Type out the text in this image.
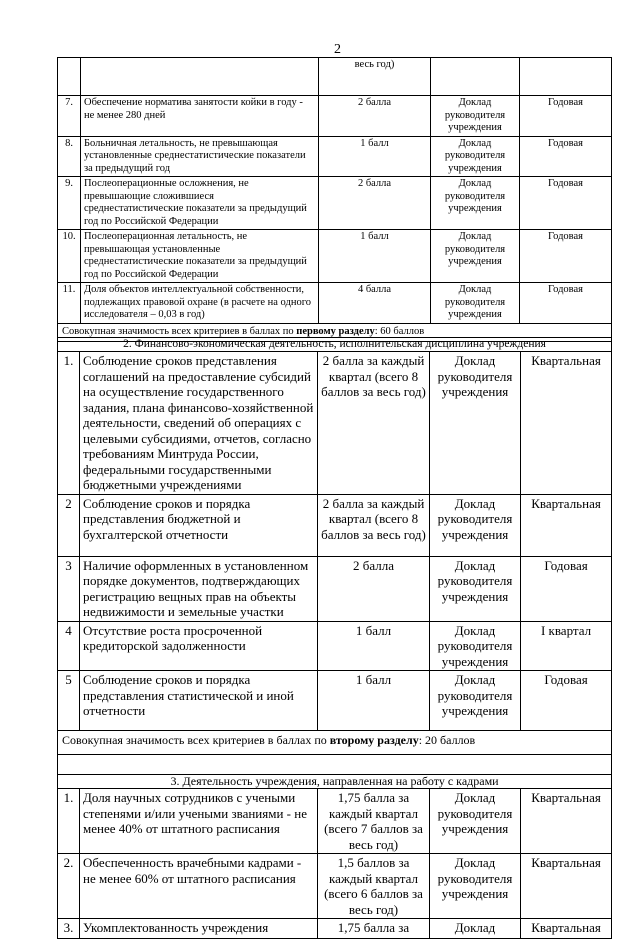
2
		весь год)		
7.	Обеспечение норматива занятости койки в году - не менее 280 дней	2 балла	Доклад руководителя учреждения	Годовая
8.	Больничная летальность, не превышающая установленные среднестатистические показатели за предыдущий год	1 балл	Доклад руководителя учреждения	Годовая
9.	Послеоперационные осложнения, не превышающие сложившиеся среднестатистические показатели за предыдущий год по Российской Федерации	2 балла	Доклад руководителя учреждения	Годовая
10.	Послеоперационная летальность, не превышающая установленные среднестатистические показатели за предыдущий год по Российской Федерации	1 балл	Доклад руководителя учреждения	Годовая
11.	Доля объектов интеллектуальной собственности, подлежащих правовой охране (в расчете на одного исследователя – 0,03 в год)	4 балла	Доклад руководителя учреждения	Годовая
Совокупная значимость всех критериев в баллах по первому разделу: 60 баллов				
2. Финансово-экономическая деятельность, исполнительская дисциплина учреждения				
1.	Соблюдение сроков представления соглашений на предоставление субсидий на осуществление государственного задания, плана финансово-хозяйственной деятельности, сведений об операциях с целевыми субсидиями, отчетов, согласно требованиям Минтруда России, федеральными государственными бюджетными учреждениями	2 балла за каждый квартал (всего 8 баллов за весь год)	Доклад руководителя учреждения	Квартальная
2	Соблюдение сроков и порядка представления бюджетной и бухгалтерской отчетности	2 балла за каждый квартал (всего 8 баллов за весь год)	Доклад руководителя учреждения	Квартальная
3	Наличие оформленных в установленном порядке документов, подтверждающих регистрацию вещных прав на объекты недвижимости и земельные участки	2 балла	Доклад руководителя учреждения	Годовая
4	Отсутствие роста просроченной кредиторской задолженности	1 балл	Доклад руководителя учреждения	I квартал
5	Соблюдение сроков и порядка представления статистической и иной отчетности	1 балл	Доклад руководителя учреждения	Годовая
Совокупная значимость всех критериев в баллах по второму разделу: 20 баллов				

3. Деятельность учреждения, направленная на работу с кадрами				
1.	Доля научных сотрудников с учеными степенями и/или учеными званиями - не менее 40% от штатного расписания	1,75 балла за каждый квартал (всего 7 баллов за весь год)	Доклад руководителя учреждения	Квартальная
2.	Обеспеченность врачебными кадрами - не менее 60% от штатного расписания	1,5 баллов за каждый квартал (всего 6 баллов за весь год)	Доклад руководителя учреждения	Квартальная
3.	Укомплектованность учреждения	1,75 балла за	Доклад	Квартальная
